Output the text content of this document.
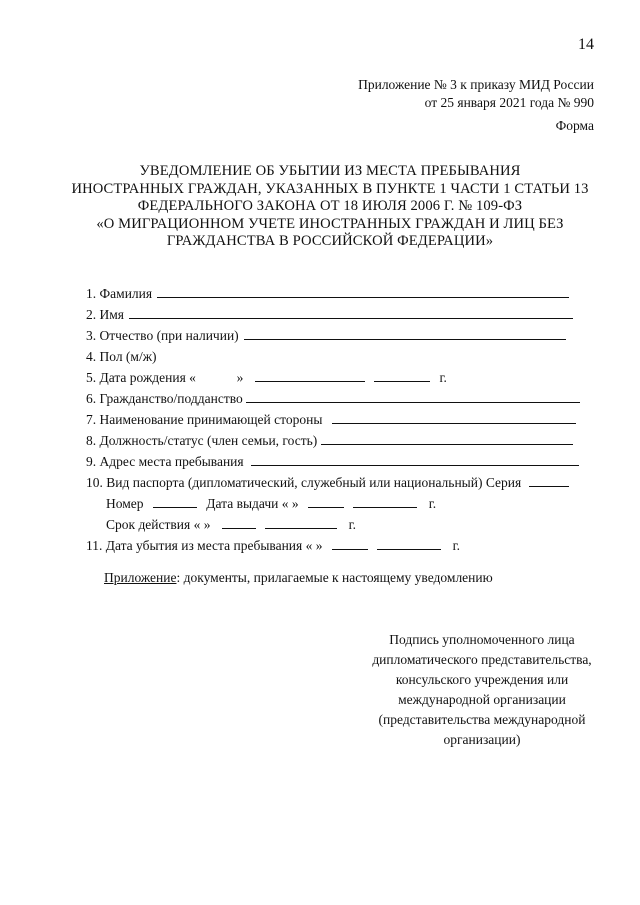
14
Приложение № 3 к приказу МИД России
от 25 января 2021 года № 990
Форма
УВЕДОМЛЕНИЕ ОБ УБЫТИИ ИЗ МЕСТА ПРЕБЫВАНИЯ
ИНОСТРАННЫХ ГРАЖДАН, УКАЗАННЫХ В ПУНКТЕ 1 ЧАСТИ 1 СТАТЬИ 13
ФЕДЕРАЛЬНОГО ЗАКОНА ОТ 18 ИЮЛЯ 2006 Г. № 109-ФЗ
«О МИГРАЦИОННОМ УЧЕТЕ ИНОСТРАННЫХ ГРАЖДАН И ЛИЦ БЕЗ
ГРАЖДАНСТВА В РОССИЙСКОЙ ФЕДЕРАЦИИ»
1. Фамилия
2. Имя
3. Отчество (при наличии)
4. Пол (м/ж)
5. Дата рождения «	»	г.
6. Гражданство/подданство
7. Наименование принимающей стороны
8. Должность/статус (член семьи, гость)
9. Адрес места пребывания
10. Вид паспорта (дипломатический, служебный или национальный) Серия
Номер	Дата выдачи « »	г.
Срок действия « »	г.
11. Дата убытия из места пребывания « »	г.
Приложение: документы, прилагаемые к настоящему уведомлению
Подпись уполномоченного лица
дипломатического представительства,
консульского учреждения или
международной организации
(представительства международной
организации)
